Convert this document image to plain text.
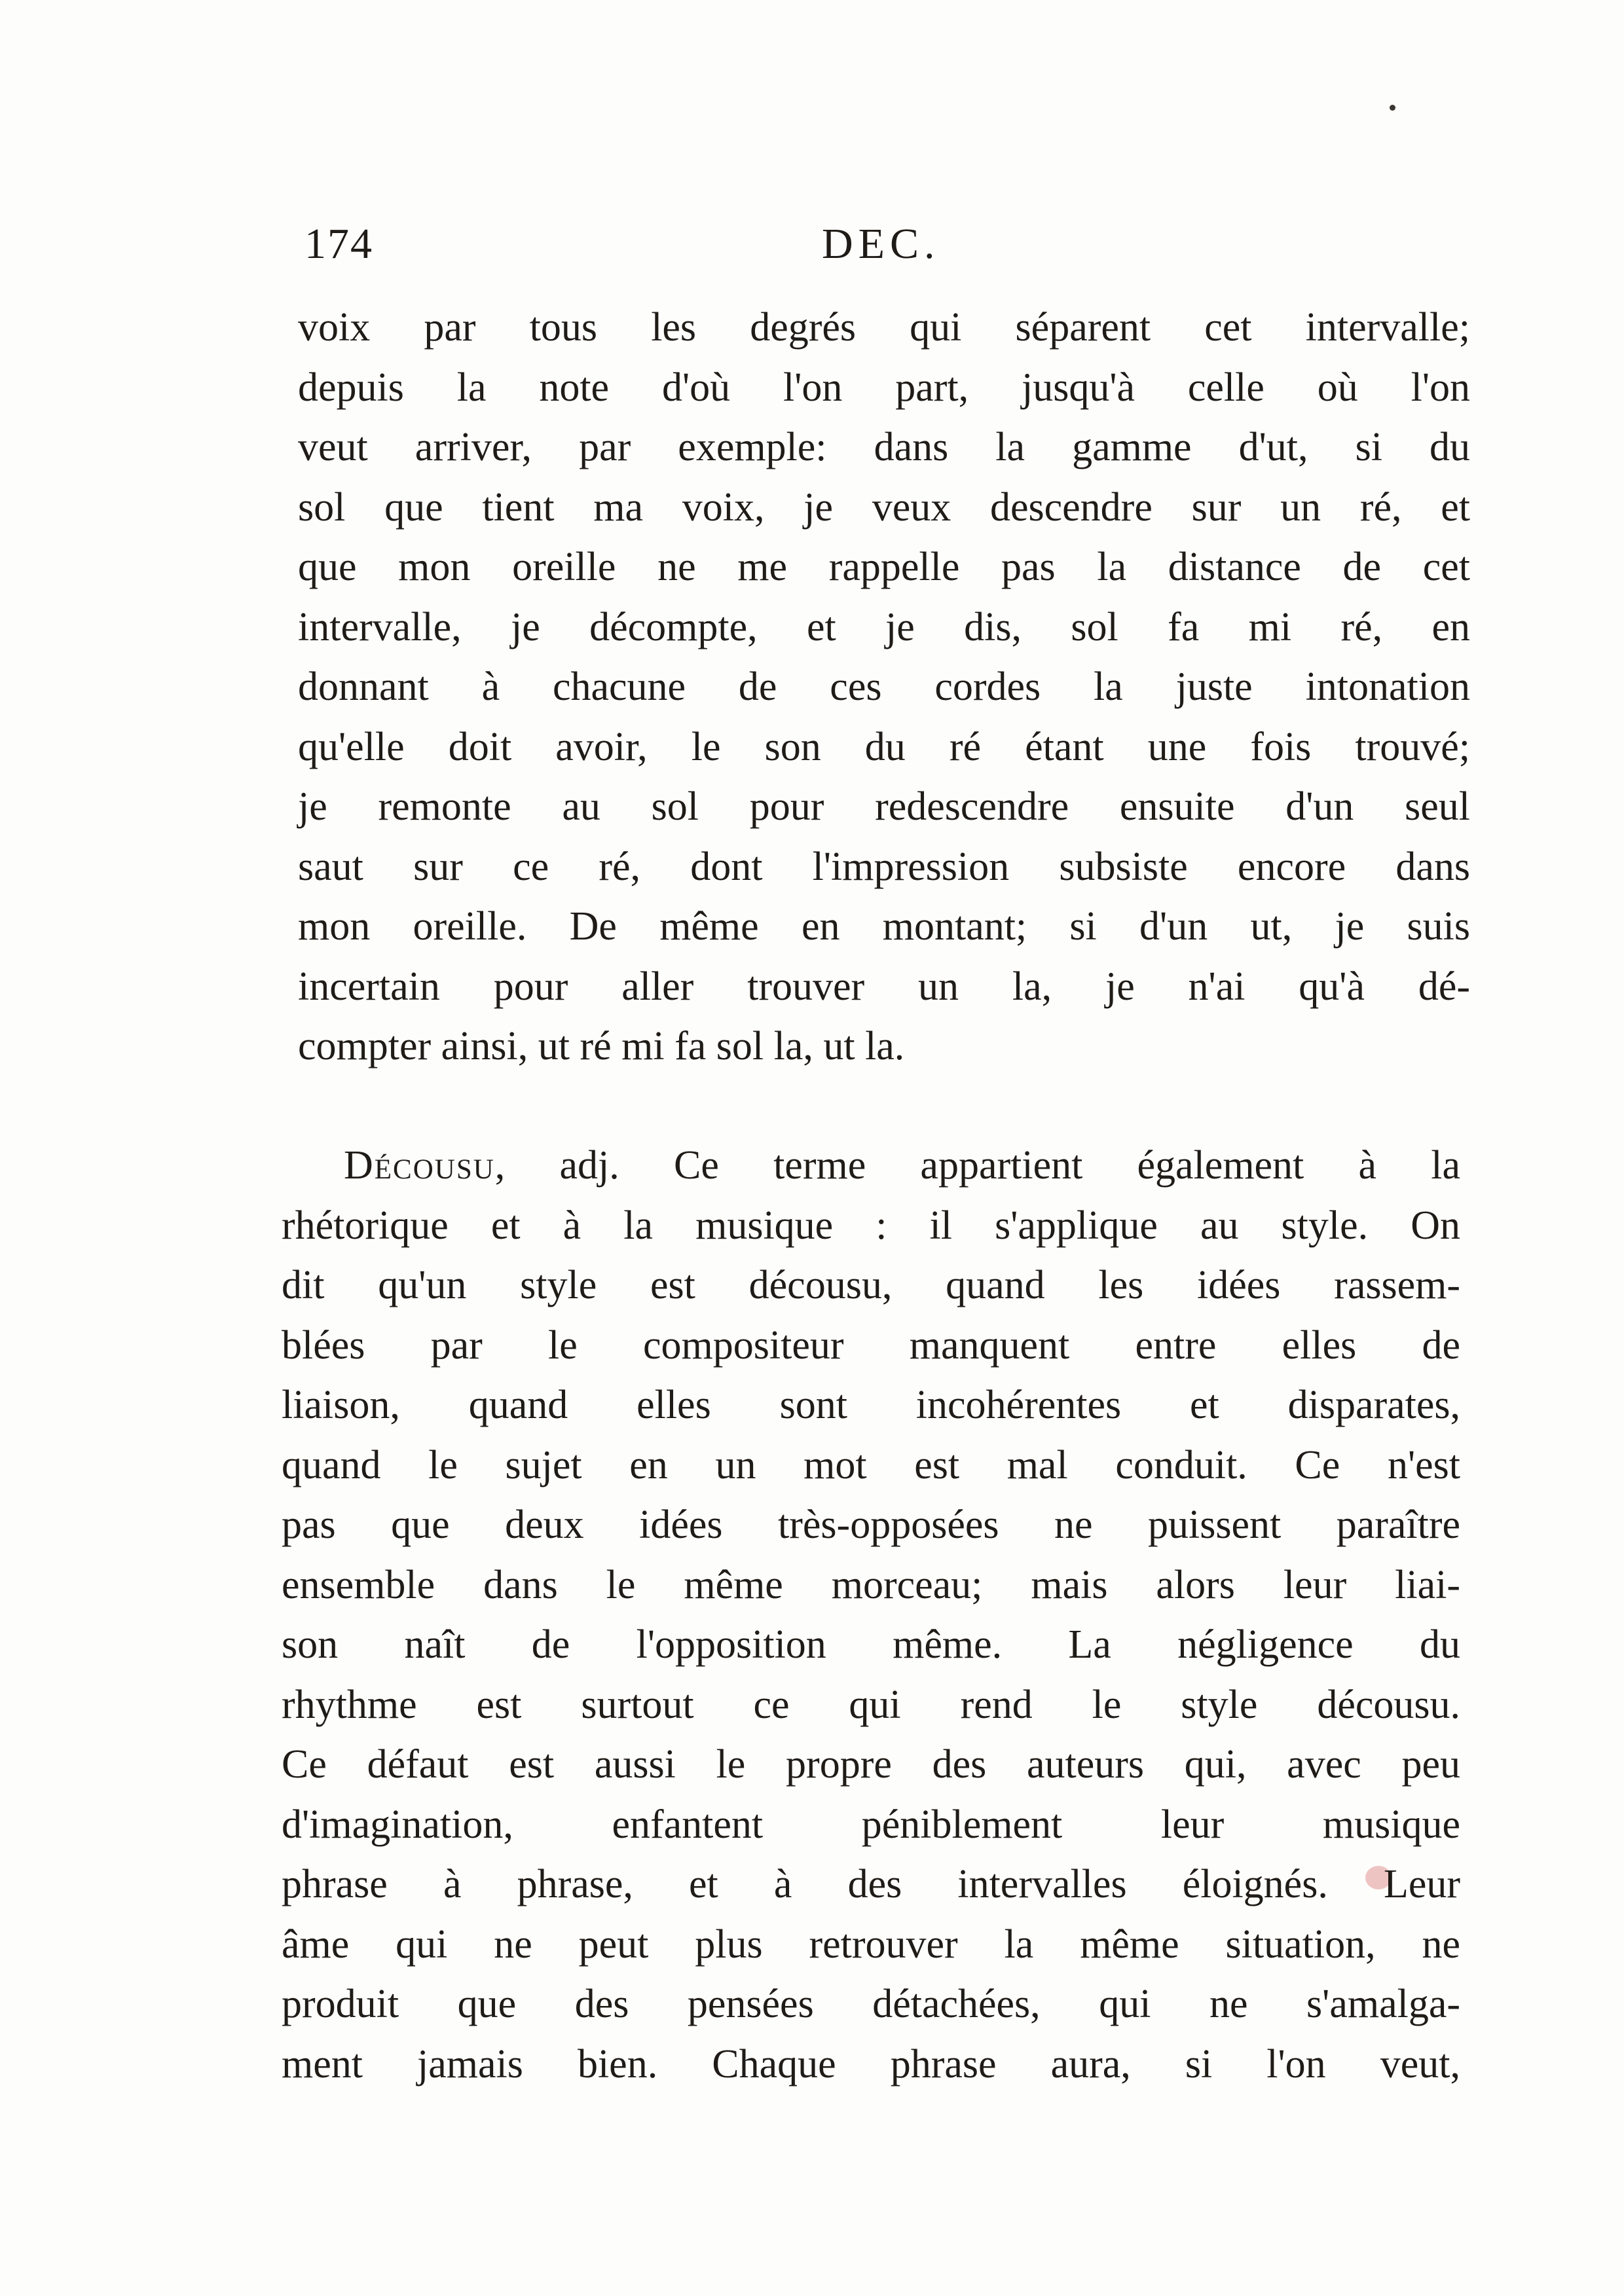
174	DEC.
voix par tous les degrés qui séparent cet intervalle;
depuis la note d'où l'on part, jusqu'à celle où l'on
veut arriver, par exemple: dans la gamme d'ut, si du
sol que tient ma voix, je veux descendre sur un ré, et
que mon oreille ne me rappelle pas la distance de cet
intervalle, je décompte, et je dis, sol fa mi ré, en
donnant à chacune de ces cordes la juste intonation
qu'elle doit avoir, le son du ré étant une fois trouvé;
je remonte au sol pour redescendre ensuite d'un seul
saut sur ce ré, dont l'impression subsiste encore dans
mon oreille. De même en montant; si d'un ut, je suis
incertain pour aller trouver un la, je n'ai qu'à dé-
compter ainsi, ut ré mi fa sol la, ut la.
Décousu, adj. Ce terme appartient également à la
rhétorique et à la musique : il s'applique au style. On
dit qu'un style est décousu, quand les idées rassem-
blées par le compositeur manquent entre elles de
liaison, quand elles sont incohérentes et disparates,
quand le sujet en un mot est mal conduit. Ce n'est
pas que deux idées très-opposées ne puissent paraître
ensemble dans le même morceau; mais alors leur liai-
son naît de l'opposition même. La négligence du
rhythme est surtout ce qui rend le style décousu.
Ce défaut est aussi le propre des auteurs qui, avec peu
d'imagination, enfantent péniblement leur musique
phrase à phrase, et à des intervalles éloignés. Leur
âme qui ne peut plus retrouver la même situation, ne
produit que des pensées détachées, qui ne s'amalga-
ment jamais bien. Chaque phrase aura, si l'on veut,
